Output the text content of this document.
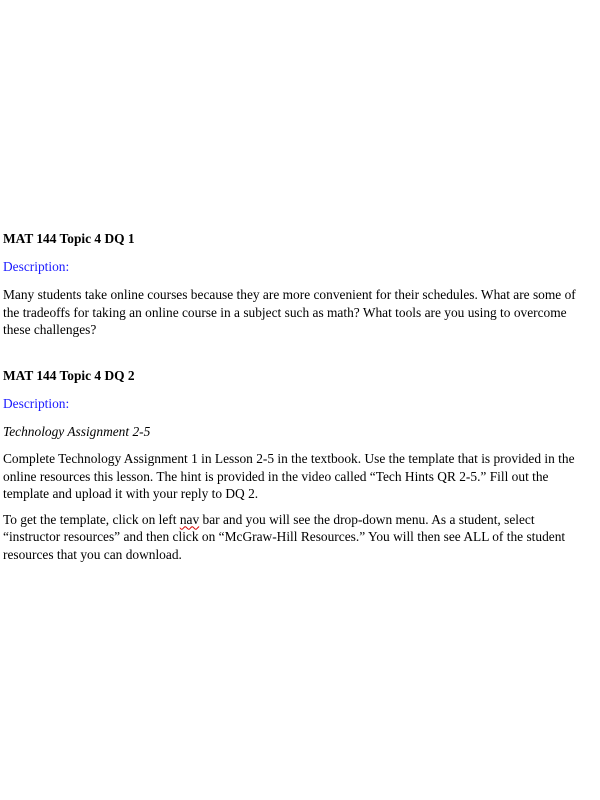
MAT 144 Topic 4 DQ 1

Description:

Many students take online courses because they are more convenient for their schedules. What are some of the tradeoffs for taking an online course in a subject such as math? What tools are you using to overcome these challenges?

MAT 144 Topic 4 DQ 2

Description:

Technology Assignment 2-5

Complete Technology Assignment 1 in Lesson 2-5 in the textbook. Use the template that is provided in the online resources this lesson. The hint is provided in the video called “Tech Hints QR 2-5.” Fill out the template and upload it with your reply to DQ 2.

To get the template, click on left nav bar and you will see the drop-down menu. As a student, select “instructor resources” and then click on “McGraw-Hill Resources.” You will then see ALL of the student resources that you can download.
